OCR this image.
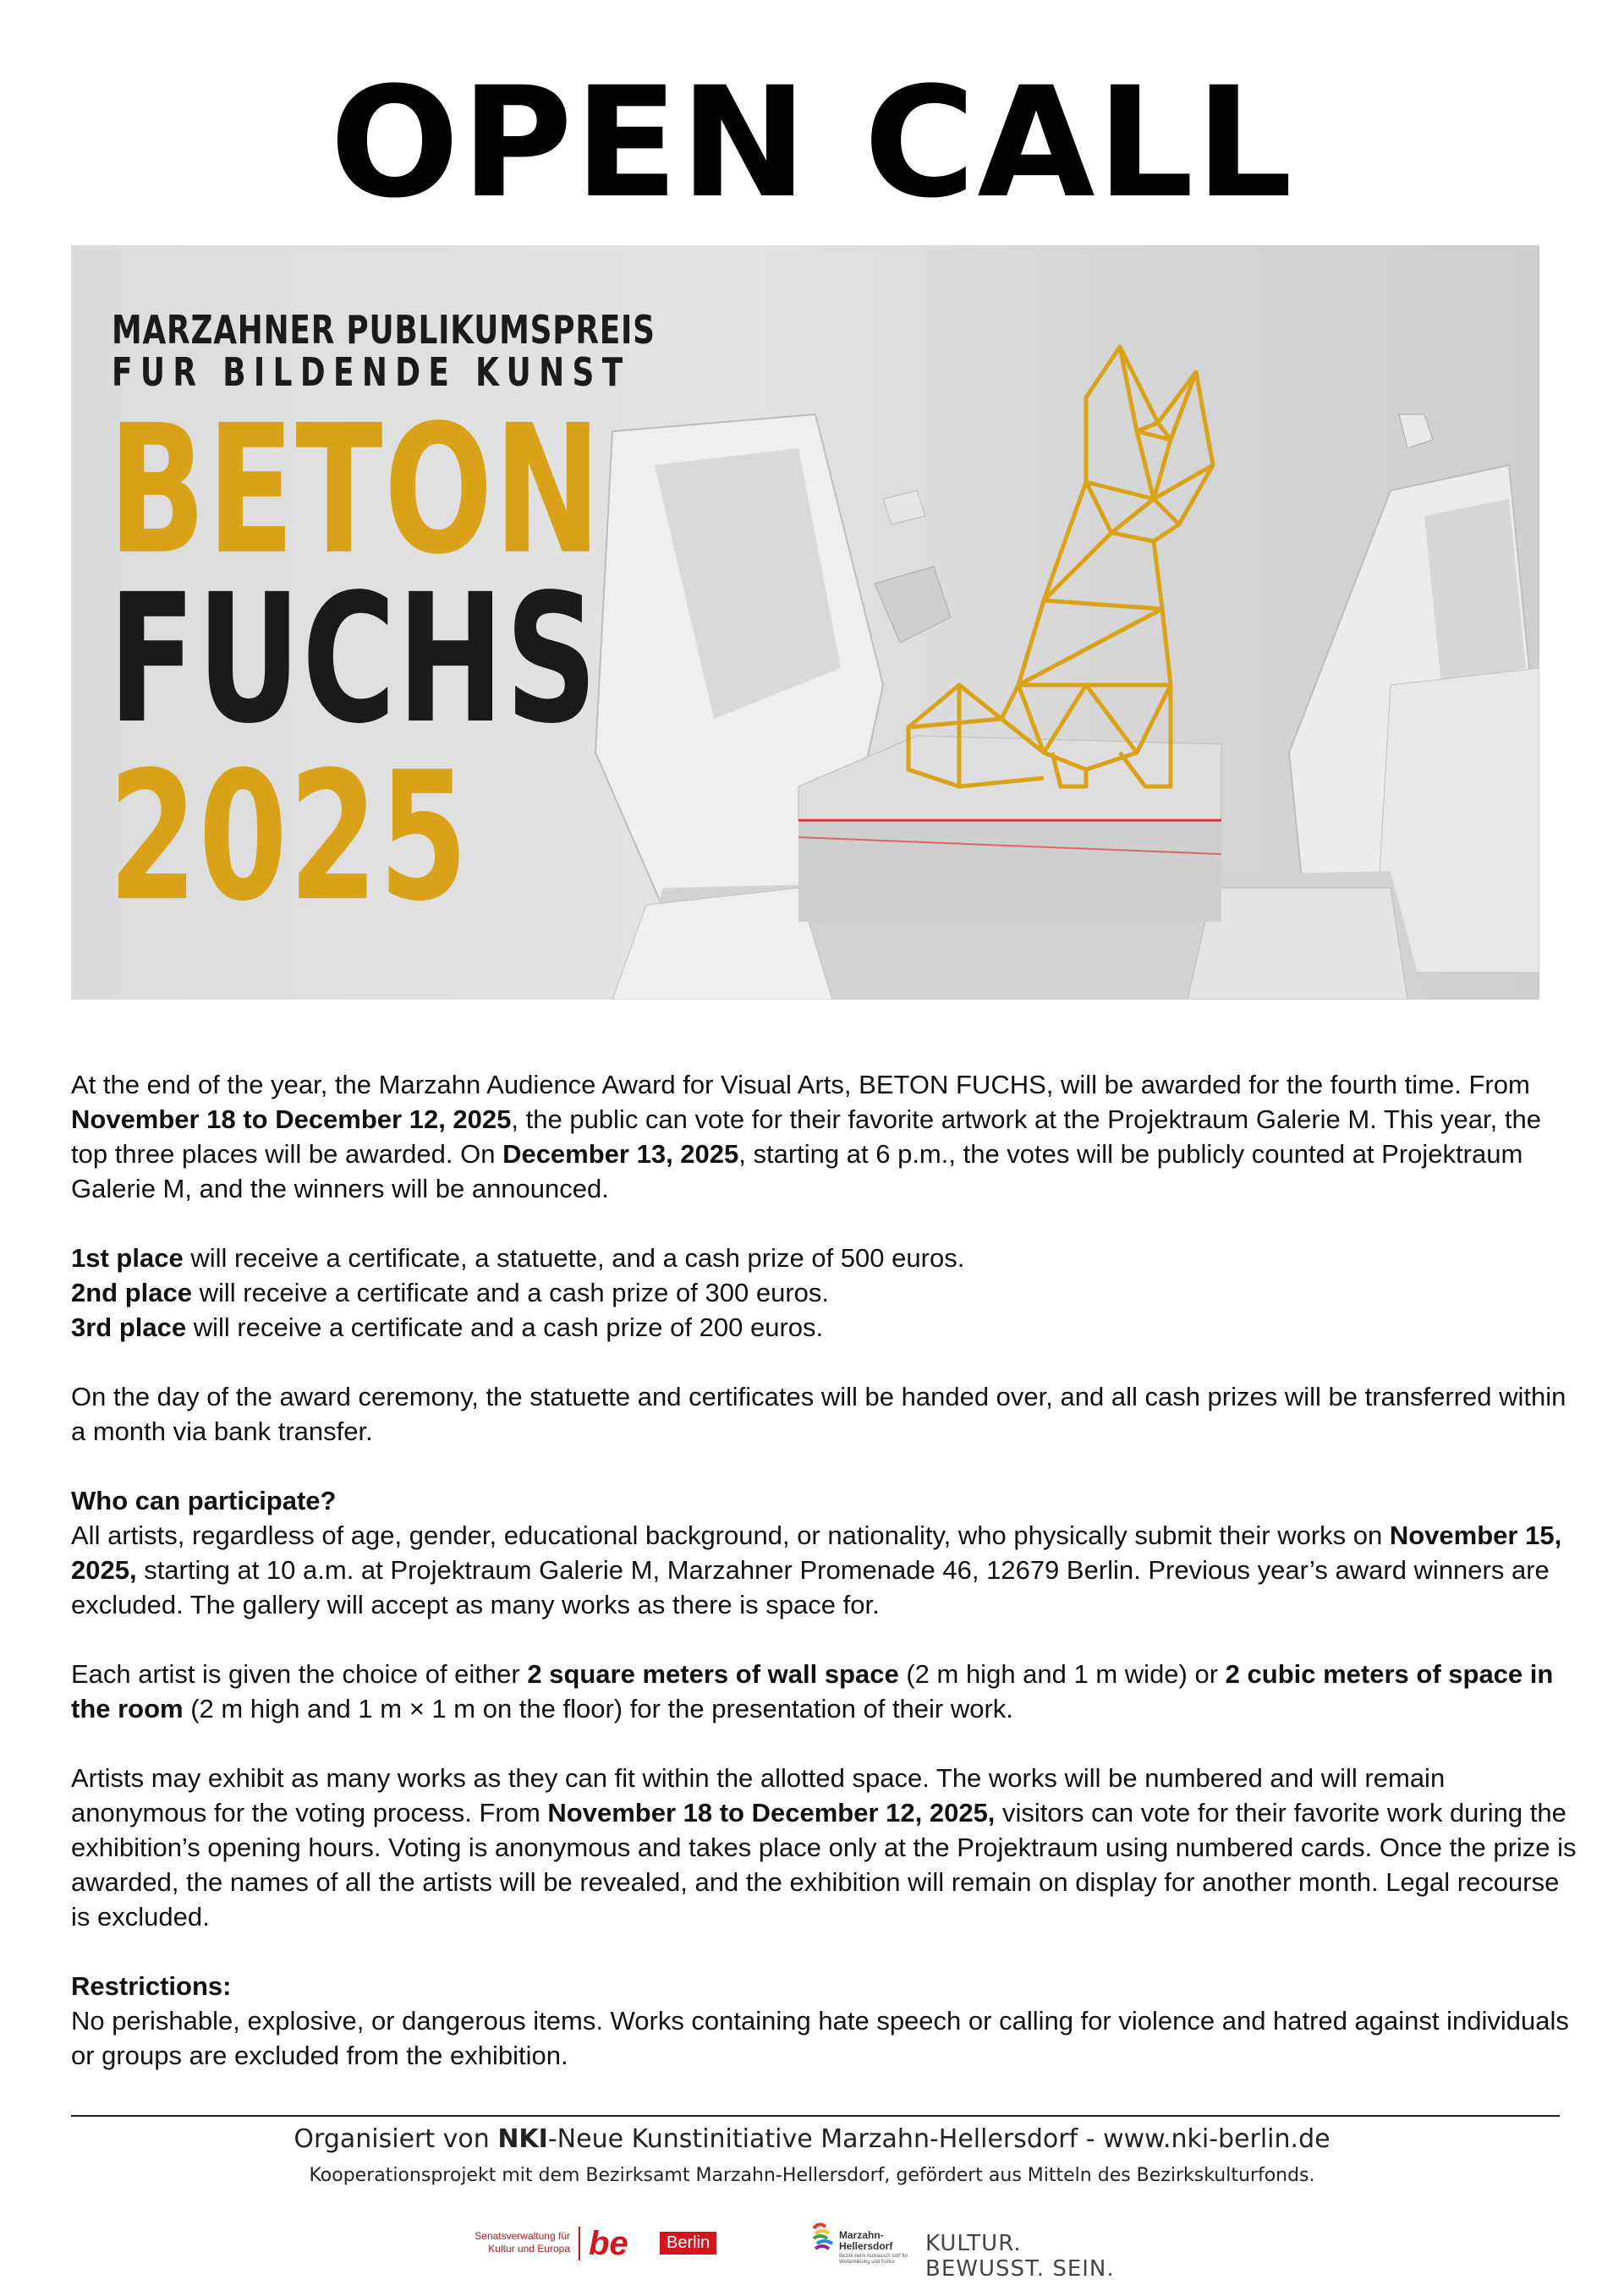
OPEN CALL
MARZAHNER PUBLIKUMSPREIS
FUR BILDENDE KUNST
BETON
FUCHS
2025

At the end of the year, the Marzahn Audience Award for Visual Arts, BETON FUCHS, will be awarded for the fourth time. From November 18 to December 12, 2025, the public can vote for their favorite artwork at the Projektraum Galerie M. This year, the top three places will be awarded. On December 13, 2025, starting at 6 p.m., the votes will be publicly counted at Projektraum Galerie M, and the winners will be announced.

1st place will receive a certificate, a statuette, and a cash prize of 500 euros.
2nd place will receive a certificate and a cash prize of 300 euros.
3rd place will receive a certificate and a cash prize of 200 euros.

On the day of the award ceremony, the statuette and certificates will be handed over, and all cash prizes will be transferred within a month via bank transfer.

Who can participate?
All artists, regardless of age, gender, educational background, or nationality, who physically submit their works on November 15, 2025, starting at 10 a.m. at Projektraum Galerie M, Marzahner Promenade 46, 12679 Berlin. Previous year’s award winners are excluded. The gallery will accept as many works as there is space for.

Each artist is given the choice of either 2 square meters of wall space (2 m high and 1 m wide) or 2 cubic meters of space in the room (2 m high and 1 m × 1 m on the floor) for the presentation of their work.

Artists may exhibit as many works as they can fit within the allotted space. The works will be numbered and will remain anonymous for the voting process. From November 18 to December 12, 2025, visitors can vote for their favorite work during the exhibition’s opening hours. Voting is anonymous and takes place only at the Projektraum using numbered cards. Once the prize is awarded, the names of all the artists will be revealed, and the exhibition will remain on display for another month. Legal recourse is excluded.

Restrictions:
No perishable, explosive, or dangerous items. Works containing hate speech or calling for violence and hatred against individuals or groups are excluded from the exhibition.

Organisiert von NKI-Neue Kunstinitiative Marzahn-Hellersdorf - www.nki-berlin.de
Kooperationsprojekt mit dem Bezirksamt Marzahn-Hellersdorf, gefördert aus Mitteln des Bezirkskulturfonds.
Senatsverwaltung für Kultur und Europa be	Berlin	Marzahn-Hellersdorf
Bezirk beim Austausch dorf für Weiterbildung und Kultur
KULTUR. BEWUSST. SEIN.
